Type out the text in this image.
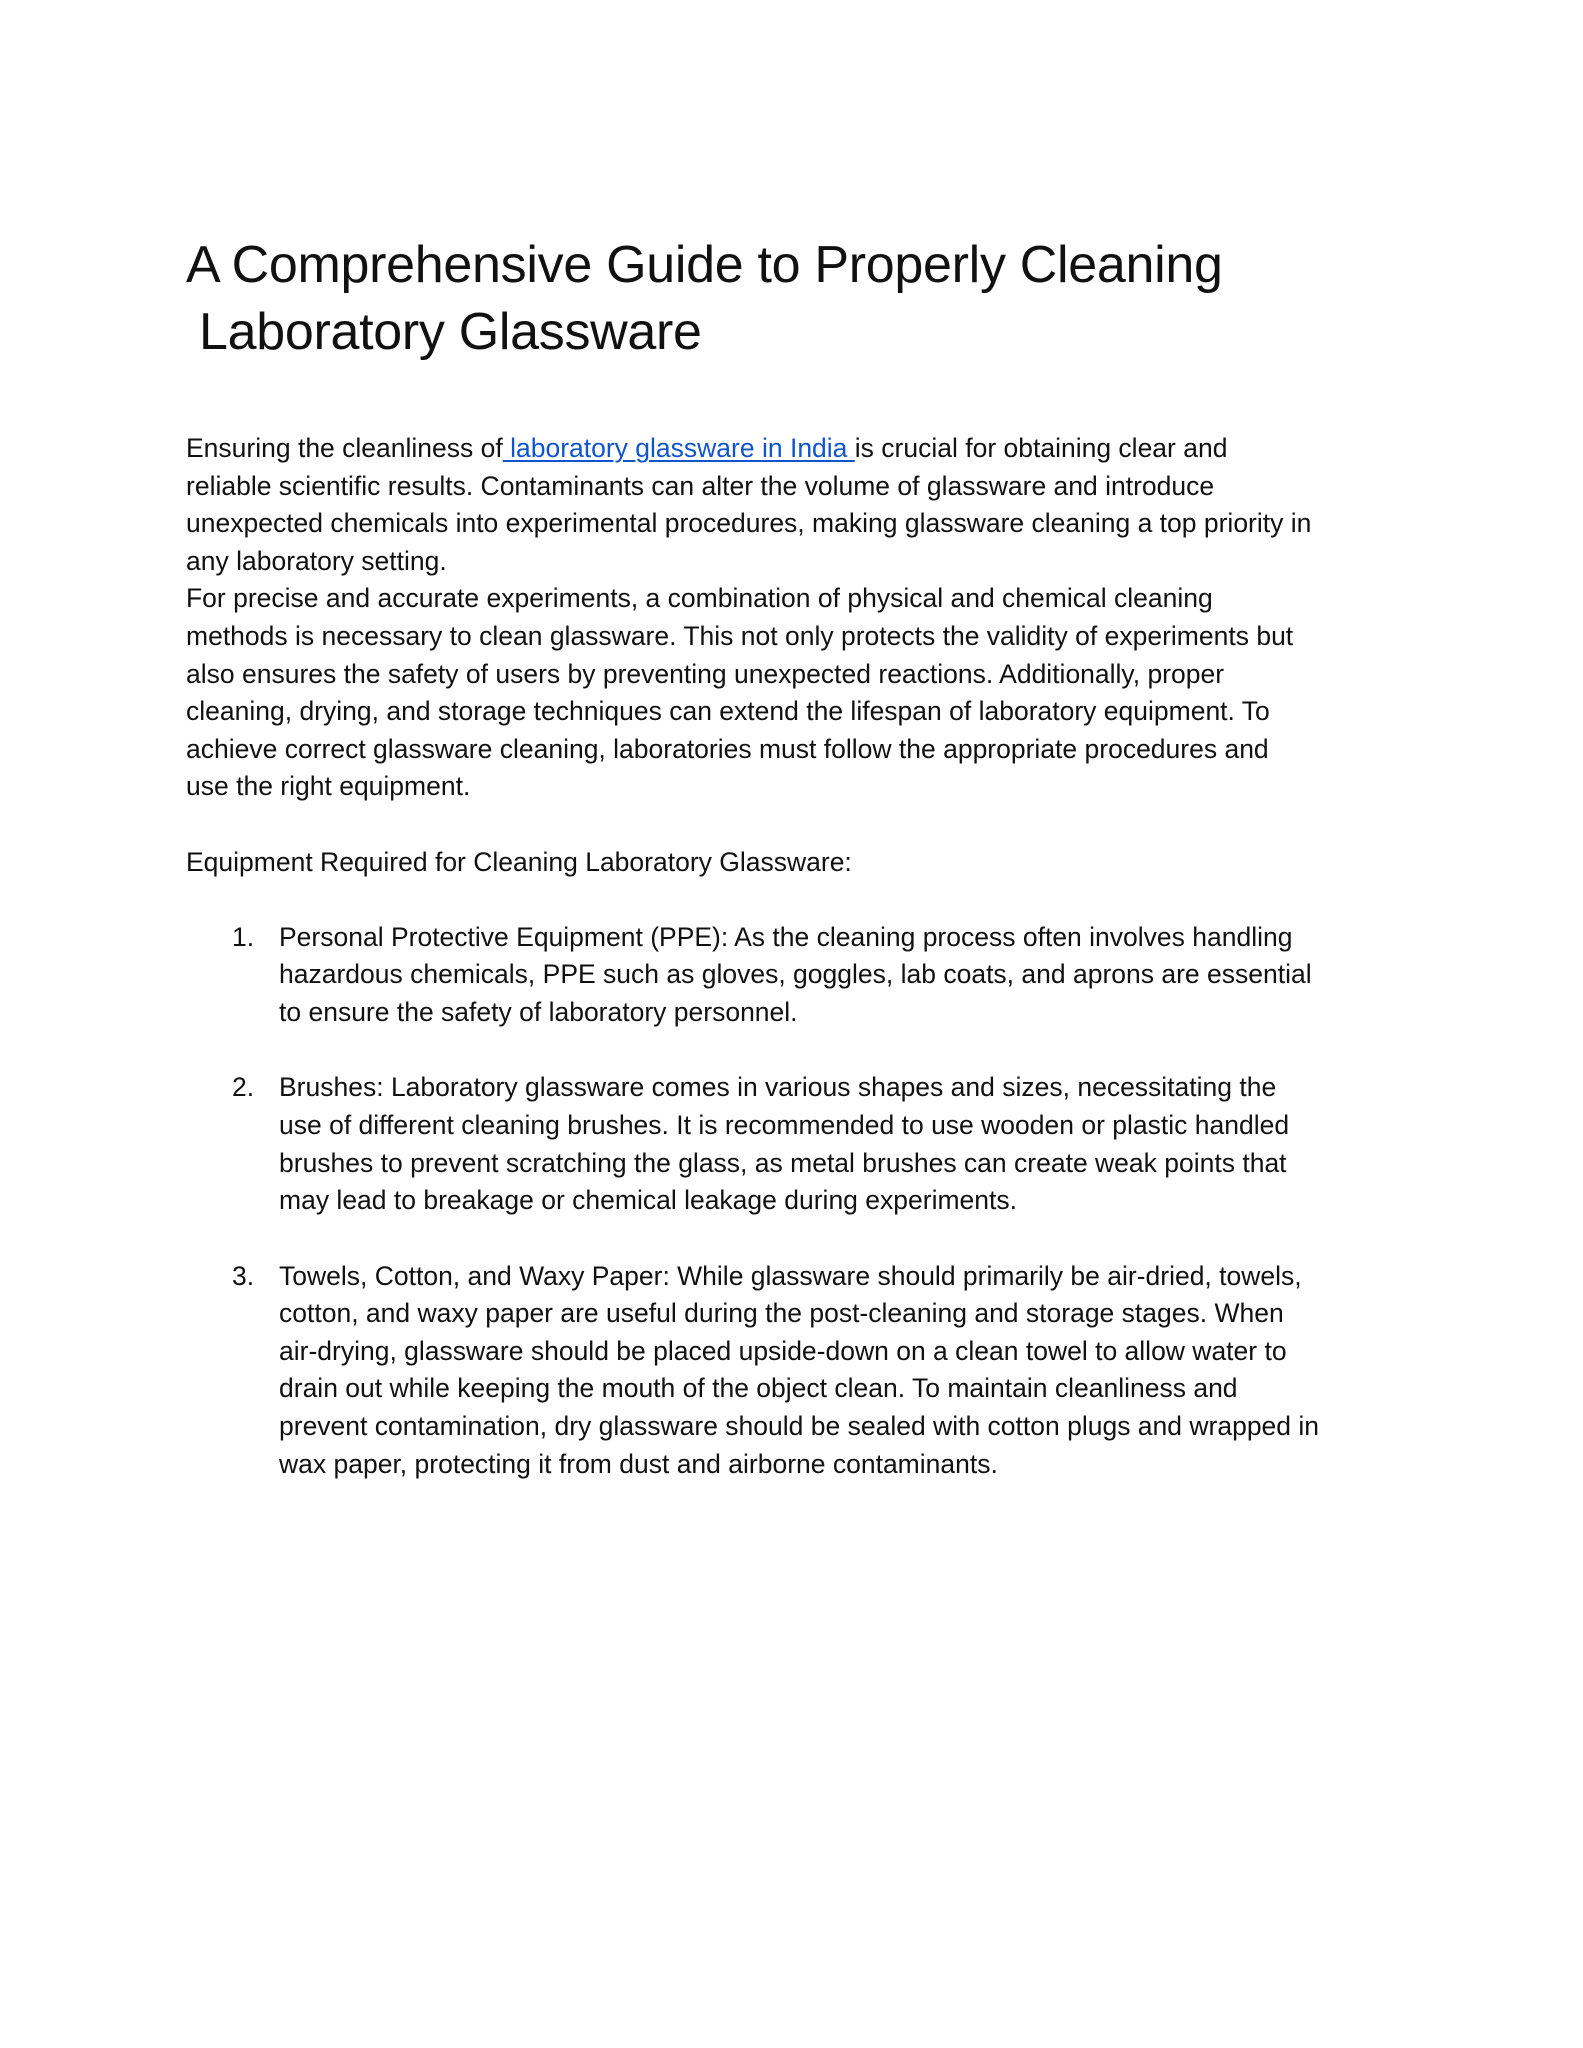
A Comprehensive Guide to Properly Cleaning
Laboratory Glassware
Ensuring the cleanliness of laboratory glassware in India is crucial for obtaining clear and
reliable scientific results. Contaminants can alter the volume of glassware and introduce
unexpected chemicals into experimental procedures, making glassware cleaning a top priority in
any laboratory setting.
For precise and accurate experiments, a combination of physical and chemical cleaning
methods is necessary to clean glassware. This not only protects the validity of experiments but
also ensures the safety of users by preventing unexpected reactions. Additionally, proper
cleaning, drying, and storage techniques can extend the lifespan of laboratory equipment. To
achieve correct glassware cleaning, laboratories must follow the appropriate procedures and
use the right equipment.
Equipment Required for Cleaning Laboratory Glassware:
1. Personal Protective Equipment (PPE): As the cleaning process often involves handling
hazardous chemicals, PPE such as gloves, goggles, lab coats, and aprons are essential
to ensure the safety of laboratory personnel.
2. Brushes: Laboratory glassware comes in various shapes and sizes, necessitating the
use of different cleaning brushes. It is recommended to use wooden or plastic handled
brushes to prevent scratching the glass, as metal brushes can create weak points that
may lead to breakage or chemical leakage during experiments.
3. Towels, Cotton, and Waxy Paper: While glassware should primarily be air-dried, towels,
cotton, and waxy paper are useful during the post-cleaning and storage stages. When
air-drying, glassware should be placed upside-down on a clean towel to allow water to
drain out while keeping the mouth of the object clean. To maintain cleanliness and
prevent contamination, dry glassware should be sealed with cotton plugs and wrapped in
wax paper, protecting it from dust and airborne contaminants.
